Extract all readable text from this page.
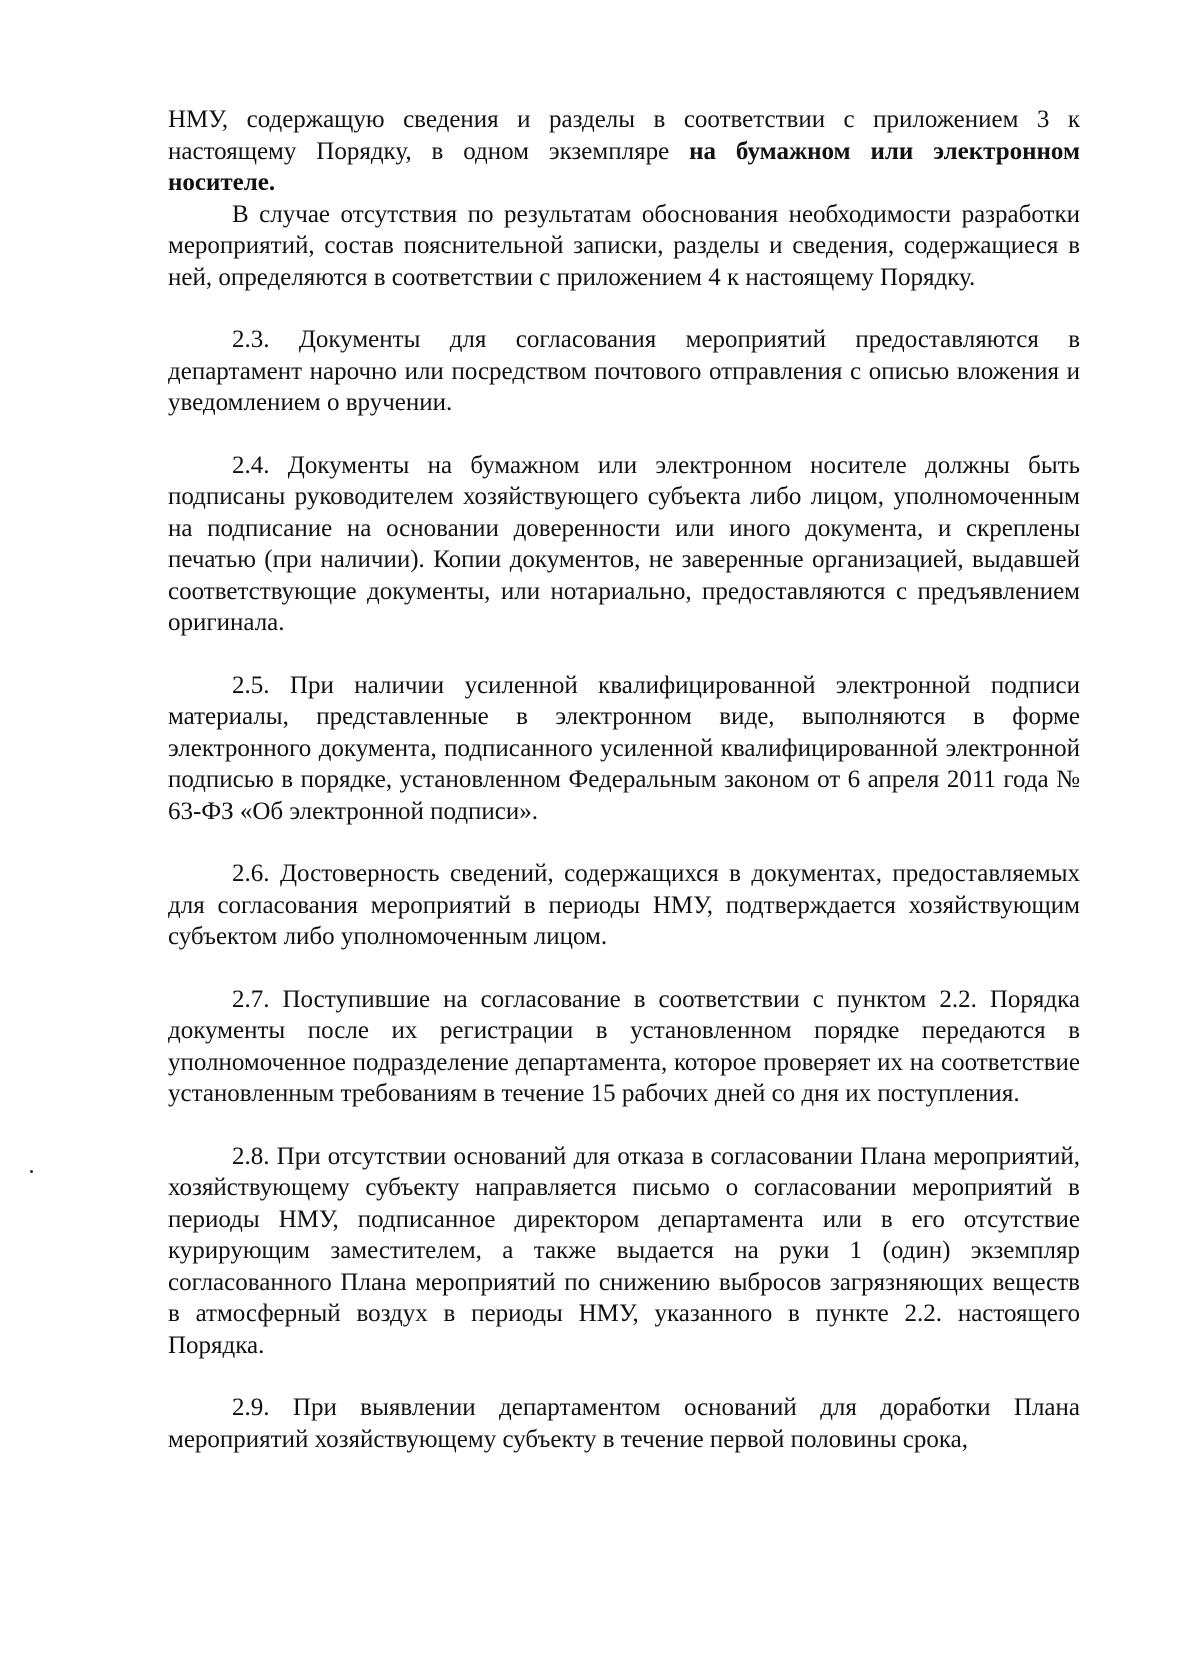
НМУ, содержащую сведения и разделы в соответствии с приложением 3 к настоящему Порядку, в одном экземпляре на бумажном или электронном носителе.

В случае отсутствия по результатам обоснования необходимости разработки мероприятий, состав пояснительной записки, разделы и сведения, содержащиеся в ней, определяются в соответствии с приложением 4 к настоящему Порядку.

2.3. Документы для согласования мероприятий предоставляются в департамент нарочно или посредством почтового отправления с описью вложения и уведомлением о вручении.

2.4. Документы на бумажном или электронном носителе должны быть подписаны руководителем хозяйствующего субъекта либо лицом, уполномоченным на подписание на основании доверенности или иного документа, и скреплены печатью (при наличии). Копии документов, не заверенные организацией, выдавшей соответствующие документы, или нотариально, предоставляются с предъявлением оригинала.

2.5. При наличии усиленной квалифицированной электронной подписи материалы, представленные в электронном виде, выполняются в форме электронного документа, подписанного усиленной квалифицированной электронной подписью в порядке, установленном Федеральным законом от 6 апреля 2011 года № 63-ФЗ «Об электронной подписи».

2.6. Достоверность сведений, содержащихся в документах, предоставляемых для согласования мероприятий в периоды НМУ, подтверждается хозяйствующим субъектом либо уполномоченным лицом.

2.7. Поступившие на согласование в соответствии с пунктом 2.2. Порядка документы после их регистрации в установленном порядке передаются в уполномоченное подразделение департамента, которое проверяет их на соответствие установленным требованиям в течение 15 рабочих дней со дня их поступления.

2.8. При отсутствии оснований для отказа в согласовании Плана мероприятий, хозяйствующему субъекту направляется письмо о согласовании мероприятий в периоды НМУ, подписанное директором департамента или в его отсутствие курирующим заместителем, а также выдается на руки 1 (один) экземпляр согласованного Плана мероприятий по снижению выбросов загрязняющих веществ в атмосферный воздух в периоды НМУ, указанного в пункте 2.2. настоящего Порядка.

2.9. При выявлении департаментом оснований для доработки Плана мероприятий хозяйствующему субъекту в течение первой половины срока,
